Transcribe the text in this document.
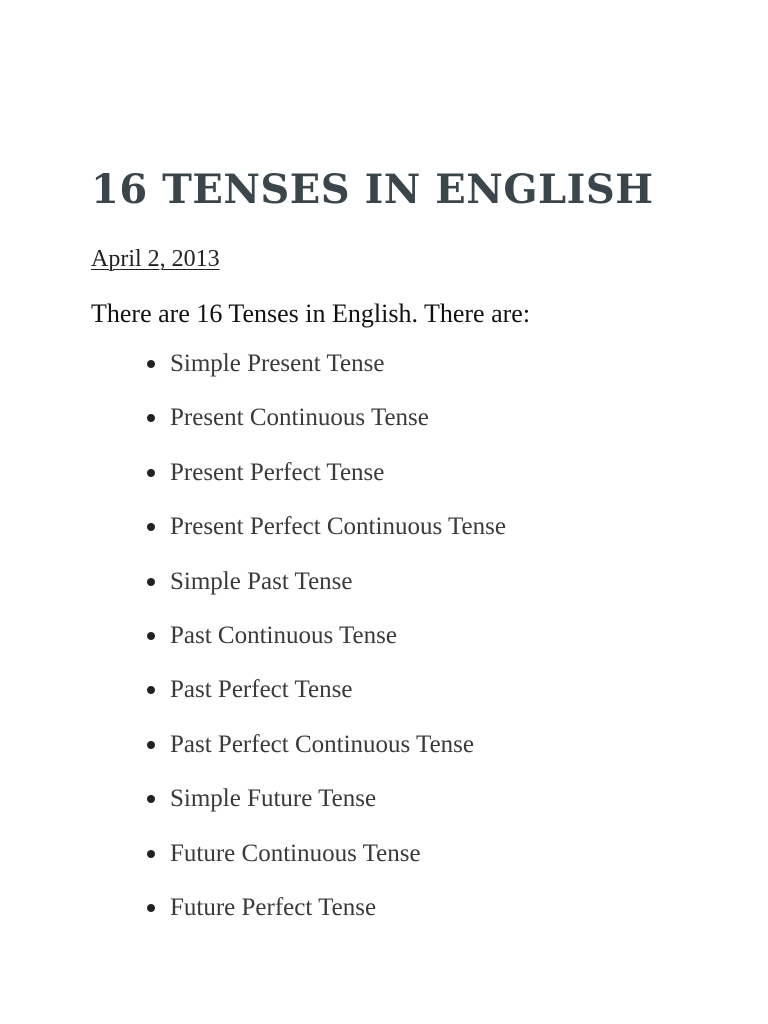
16 TENSES IN ENGLISH
April 2, 2013

There are 16 Tenses in English. There are:

Simple Present Tense
Present Continuous Tense
Present Perfect Tense
Present Perfect Continuous Tense
Simple Past Tense
Past Continuous Tense
Past Perfect Tense
Past Perfect Continuous Tense
Simple Future Tense
Future Continuous Tense
Future Perfect Tense
